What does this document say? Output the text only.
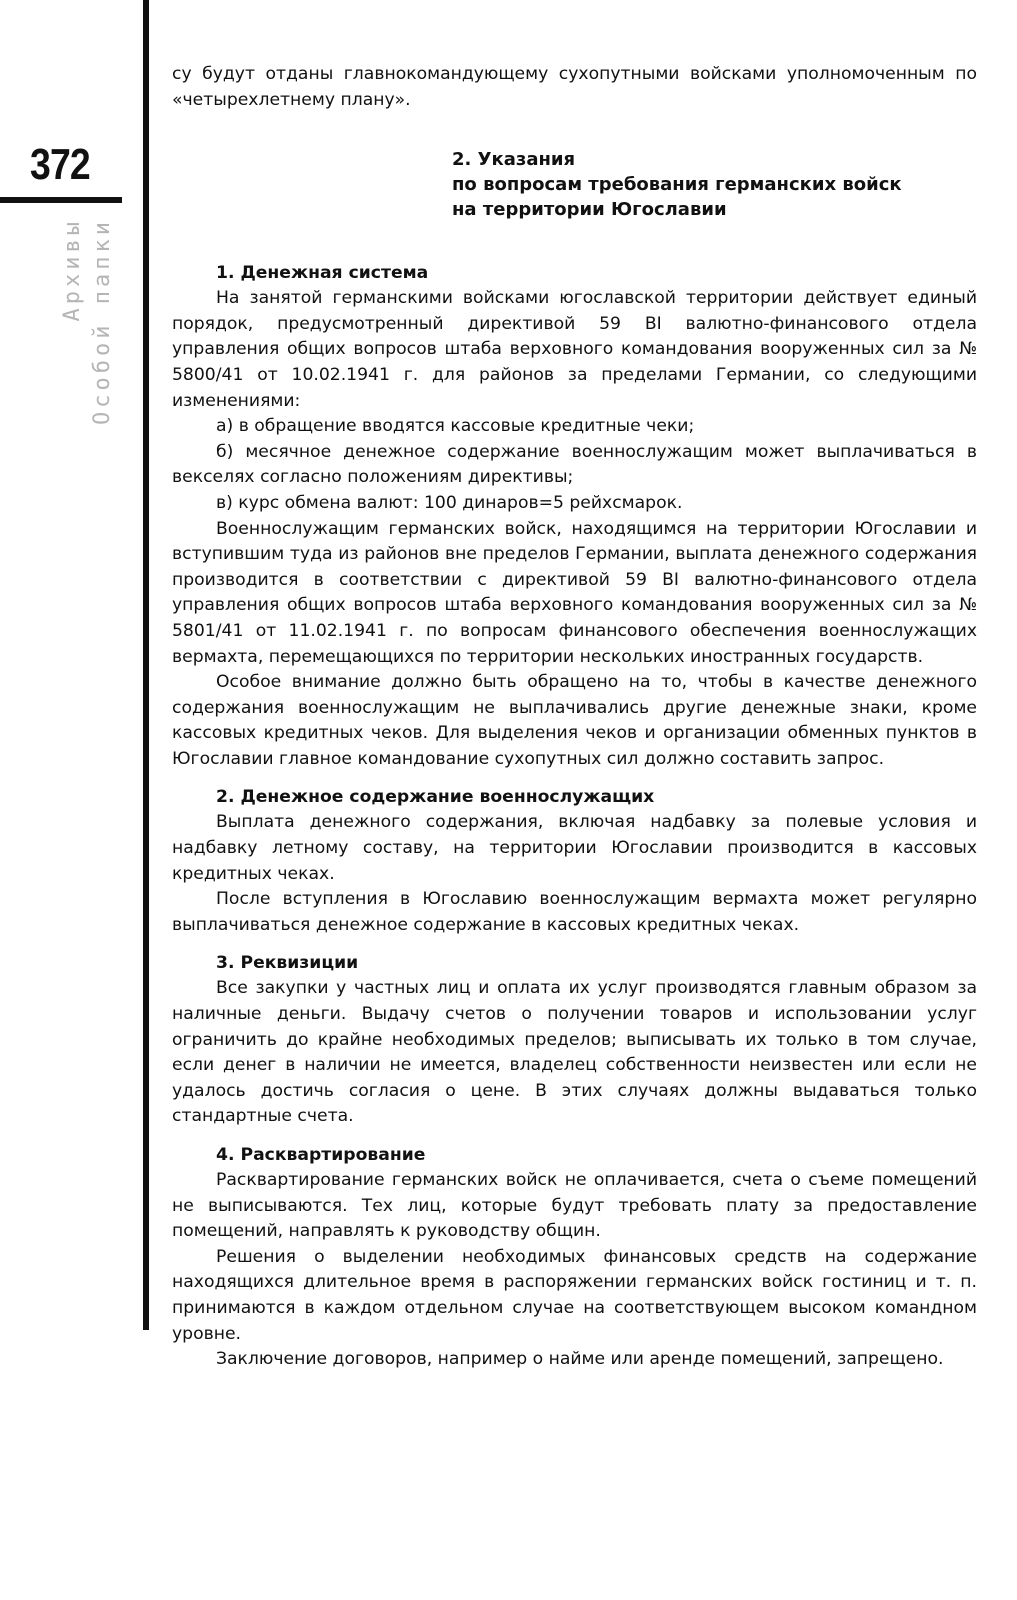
372
Архивы Особой папки

су будут отданы главнокомандующему сухопутными войсками уполномоченным по «четырехлетнему плану».

2. Указания
по вопросам требования германских войск
на территории Югославии
1. Денежная система

На занятой германскими войсками югославской территории действует единый порядок, предусмотренный директивой 59 BI валютно-финансового отдела управления общих вопросов штаба верховного командования вооруженных сил за № 5800/41 от 10.02.1941 г. для районов за пределами Германии, со следующими изменениями:

а) в обращение вводятся кассовые кредитные чеки;

б) месячное денежное содержание военнослужащим может выплачиваться в векселях согласно положениям директивы;

в) курс обмена валют: 100 динаров=5 рейхсмарок.

Военнослужащим германских войск, находящимся на территории Югославии и вступившим туда из районов вне пределов Германии, выплата денежного содержания производится в соответствии с директивой 59 BI валютно-финансового отдела управления общих вопросов штаба верховного командования вооруженных сил за № 5801/41 от 11.02.1941 г. по вопросам финансового обеспечения военнослужащих вермахта, перемещающихся по территории нескольких иностранных государств.

Особое внимание должно быть обращено на то, чтобы в качестве денежного содержания военнослужащим не выплачивались другие денежные знаки, кроме кассовых кредитных чеков. Для выделения чеков и организации обменных пунктов в Югославии главное командование сухопутных сил должно составить запрос.

2. Денежное содержание военнослужащих

Выплата денежного содержания, включая надбавку за полевые условия и надбавку летному составу, на территории Югославии производится в кассовых кредитных чеках.

После вступления в Югославию военнослужащим вермахта может регулярно выплачиваться денежное содержание в кассовых кредитных чеках.

3. Реквизиции

Все закупки у частных лиц и оплата их услуг производятся главным образом за наличные деньги. Выдачу счетов о получении товаров и использовании услуг ограничить до крайне необходимых пределов; выписывать их только в том случае, если денег в наличии не имеется, владелец собственности неизвестен или если не удалось достичь согласия о цене. В этих случаях должны выдаваться только стандартные счета.

4. Расквартирование

Расквартирование германских войск не оплачивается, счета о съеме помещений не выписываются. Тех лиц, которые будут требовать плату за предоставление помещений, направлять к руководству общин.

Решения о выделении необходимых финансовых средств на содержание находящихся длительное время в распоряжении германских войск гостиниц и т. п. принимаются в каждом отдельном случае на соответствующем высоком командном уровне.

Заключение договоров, например о найме или аренде помещений, запрещено.
